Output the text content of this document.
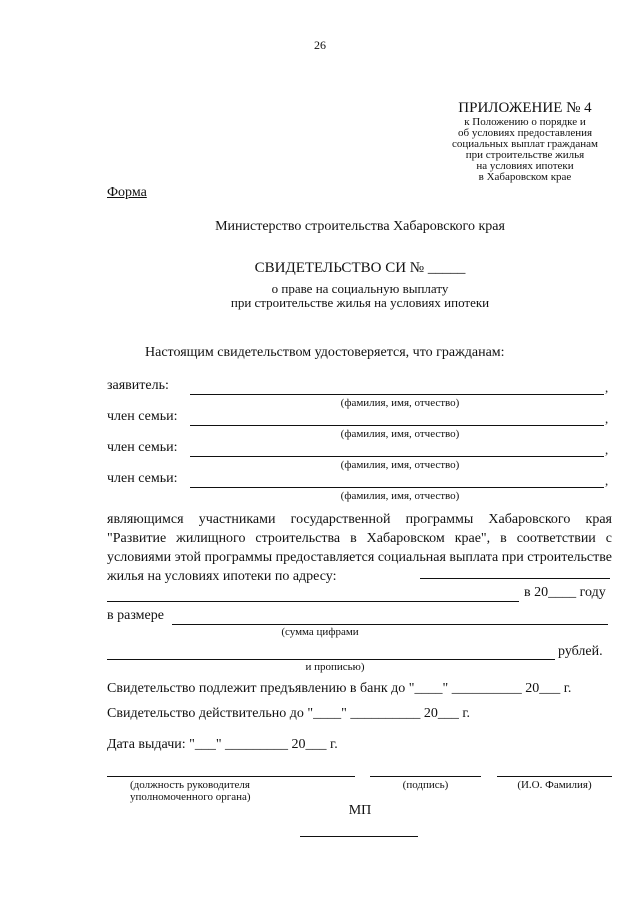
26
ПРИЛОЖЕНИЕ № 4
к Положению о порядке и
об условиях предоставления
социальных выплат гражданам
при строительстве жилья
на условиях ипотеки
в Хабаровском крае
Форма
Министерство строительства Хабаровского края
СВИДЕТЕЛЬСТВО СИ № _____
о праве на социальную выплату
при строительстве жилья на условиях ипотеки
Настоящим свидетельством удостоверяется, что гражданам:
заявитель:	,
(фамилия, имя, отчество)
член семьи:	,
(фамилия, имя, отчество)
член семьи:	,
(фамилия, имя, отчество)
член семьи:	,
(фамилия, имя, отчество)
являющимся участниками государственной программы Хабаровского края "Развитие жилищного строительства в Хабаровском крае", в соответствии с условиями этой программы предоставляется социальная выплата при строительстве жилья на условиях ипотеки по адресу:
в 20____ году
в размере
(сумма цифрами
рублей.
и прописью)
Свидетельство подлежит предъявлению в банк до "____" __________ 20___ г.
Свидетельство действительно до "____" __________ 20___ г.
Дата выдачи: "___" _________ 20___ г.
(должность руководителя
уполномоченного органа)
(подпись)	(И.О. Фамилия)
МП
